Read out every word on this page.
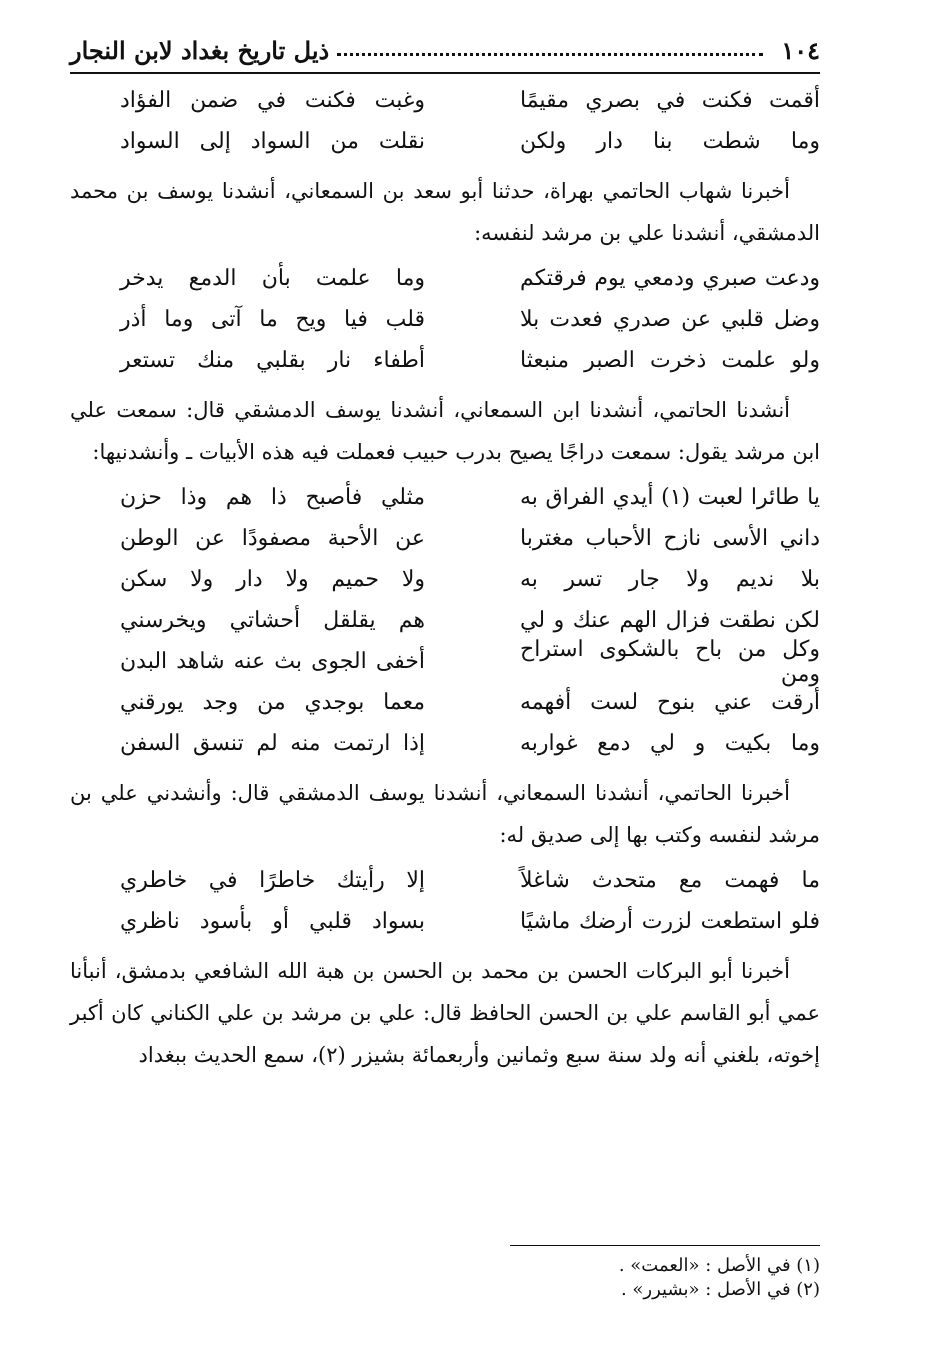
١٠٤
ذيل تاريخ بغداد لابن النجار
أقمت فكنت في بصري مقيمًا
وغبت فكنت في ضمن الفؤاد
وما شطت بنا دار ولكن
نقلت من السواد إلى السواد

أخبرنا شهاب الحاتمي بهراة، حدثنا أبو سعد بن السمعاني، أنشدنا يوسف بن محمد الدمشقي، أنشدنا علي بن مرشد لنفسه:

ودعت صبري ودمعي يوم فرقتكم
وما علمت بأن الدمع يدخر
وضل قلبي عن صدري فعدت بلا
قلب فيا ويح ما آتى وما أذر
ولو علمت ذخرت الصبر منبعثا
أطفاء نار بقلبي منك تستعر

أنشدنا الحاتمي، أنشدنا ابن السمعاني، أنشدنا يوسف الدمشقي قال: سمعت علي ابن مرشد يقول: سمعت دراجًا يصيح بدرب حبيب فعملت فيه هذه الأبيات ـ وأنشدنيها:

يا طائرا لعبت (١) أيدي الفراق به
مثلي فأصبح ذا هم وذا حزن
داني الأسى نازح الأحباب مغتربا
عن الأحبة مصفودًا عن الوطن
بلا نديم ولا جار تسر به
ولا حميم ولا دار ولا سكن
لكن نطقت فزال الهم عنك و لي
هم يقلقل أحشاتي ويخرسني
وكل من باح بالشكوى استراح ومن
أخفى الجوى بث عنه شاهد البدن
أرقت عني بنوح لست أفهمه
معما بوجدي من وجد يورقني
وما بكيت و لي دمع غواربه
إذا ارتمت منه لم تنسق السفن

أخبرنا الحاتمي، أنشدنا السمعاني، أنشدنا يوسف الدمشقي قال: وأنشدني علي بن مرشد لنفسه وكتب بها إلى صديق له:

ما فهمت مع متحدث شاغلاً
إلا رأيتك خاطرًا في خاطري
فلو استطعت لزرت أرضك ماشيًا
بسواد قلبي أو بأسود ناظري

أخبرنا أبو البركات الحسن بن محمد بن الحسن بن هبة الله الشافعي بدمشق، أنبأنا عمي أبو القاسم علي بن الحسن الحافظ قال: علي بن مرشد بن علي الكناني كان أكبر إخوته، بلغني أنه ولد سنة سبع وثمانين وأربعمائة بشيزر (٢)، سمع الحديث ببغداد

(١) في الأصل : «العمت» .
(٢) في الأصل : «بشيرر» .
